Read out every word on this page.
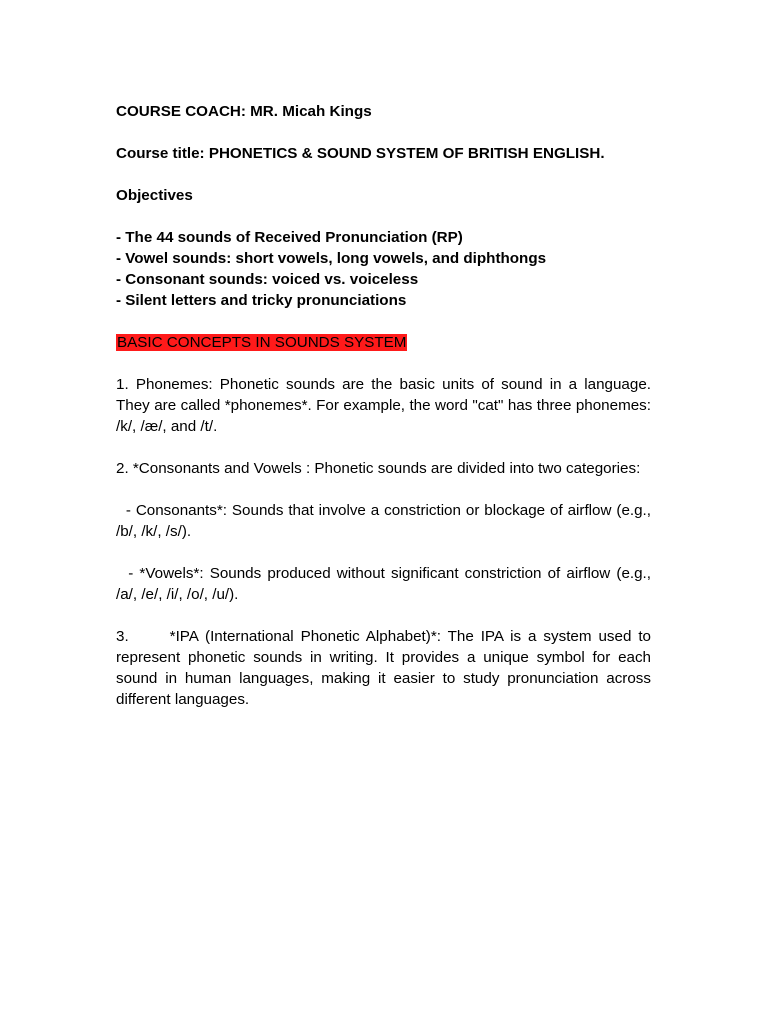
COURSE COACH: MR. Micah Kings

Course title: PHONETICS & SOUND SYSTEM OF BRITISH ENGLISH.

Objectives

- The 44 sounds of Received Pronunciation (RP)

- Vowel sounds: short vowels, long vowels, and diphthongs

- Consonant sounds: voiced vs. voiceless

- Silent letters and tricky pronunciations

BASIC CONCEPTS IN SOUNDS SYSTEM

1. Phonemes: Phonetic sounds are the basic units of sound in a language. They are called *phonemes*. For example, the word "cat" has three phonemes: /k/, /æ/, and /t/.

2. *Consonants and Vowels : Phonetic sounds are divided into two categories:

- Consonants*: Sounds that involve a constriction or blockage of airflow (e.g., /b/, /k/, /s/).

- *Vowels*: Sounds produced without significant constriction of airflow (e.g., /a/, /e/, /i/, /o/, /u/).

3.	*IPA (International Phonetic Alphabet)*: The IPA is a system used to represent phonetic sounds in writing. It provides a unique symbol for each sound in human languages, making it easier to study pronunciation across different languages.
